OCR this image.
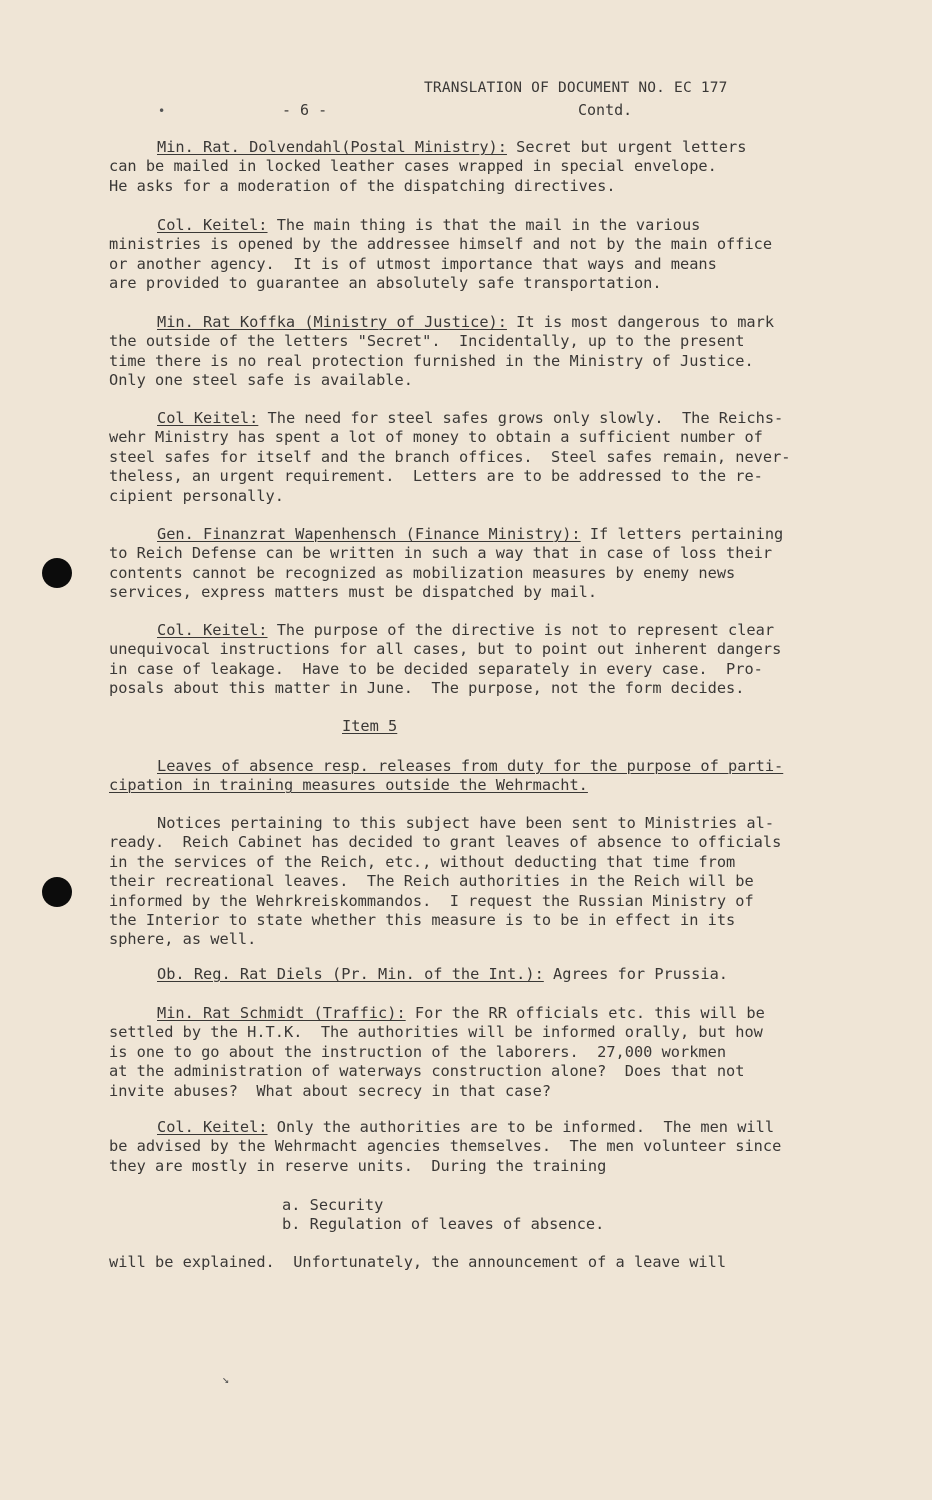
•
TRANSLATION OF DOCUMENT NO. EC 177
- 6 -	Contd.
Min. Rat. Dolvendahl(Postal Ministry): Secret but urgent letters
can be mailed in locked leather cases wrapped in special envelope.
He asks for a moderation of the dispatching directives.
Col. Keitel: The main thing is that the mail in the various
ministries is opened by the addressee himself and not by the main office
or another agency.  It is of utmost importance that ways and means
are provided to guarantee an absolutely safe transportation.
Min. Rat Koffka (Ministry of Justice): It is most dangerous to mark
the outside of the letters "Secret".  Incidentally, up to the present
time there is no real protection furnished in the Ministry of Justice.
Only one steel safe is available.
Col Keitel: The need for steel safes grows only slowly.  The Reichs-
wehr Ministry has spent a lot of money to obtain a sufficient number of
steel safes for itself and the branch offices.  Steel safes remain, never-
theless, an urgent requirement.  Letters are to be addressed to the re-
cipient personally.
Gen. Finanzrat Wapenhensch (Finance Ministry): If letters pertaining
to Reich Defense can be written in such a way that in case of loss their
contents cannot be recognized as mobilization measures by enemy news
services, express matters must be dispatched by mail.
Col. Keitel: The purpose of the directive is not to represent clear
unequivocal instructions for all cases, but to point out inherent dangers
in case of leakage.  Have to be decided separately in every case.  Pro-
posals about this matter in June.  The purpose, not the form decides.
Item 5
Leaves of absence resp. releases from duty for the purpose of parti-
cipation in training measures outside the Wehrmacht.
Notices pertaining to this subject have been sent to Ministries al-
ready.  Reich Cabinet has decided to grant leaves of absence to officials
in the services of the Reich, etc., without deducting that time from
their recreational leaves.  The Reich authorities in the Reich will be
informed by the Wehrkreiskommandos.  I request the Russian Ministry of
the Interior to state whether this measure is to be in effect in its
sphere, as well.
Ob. Reg. Rat Diels (Pr. Min. of the Int.): Agrees for Prussia.
Min. Rat Schmidt (Traffic): For the RR officials etc. this will be
settled by the H.T.K.  The authorities will be informed orally, but how
is one to go about the instruction of the laborers.  27,000 workmen
at the administration of waterways construction alone?  Does that not
invite abuses?  What about secrecy in that case?
Col. Keitel: Only the authorities are to be informed.  The men will
be advised by the Wehrmacht agencies themselves.  The men volunteer since
they are mostly in reserve units.  During the training
a. Security
b. Regulation of leaves of absence.
will be explained.  Unfortunately, the announcement of a leave will
↘
